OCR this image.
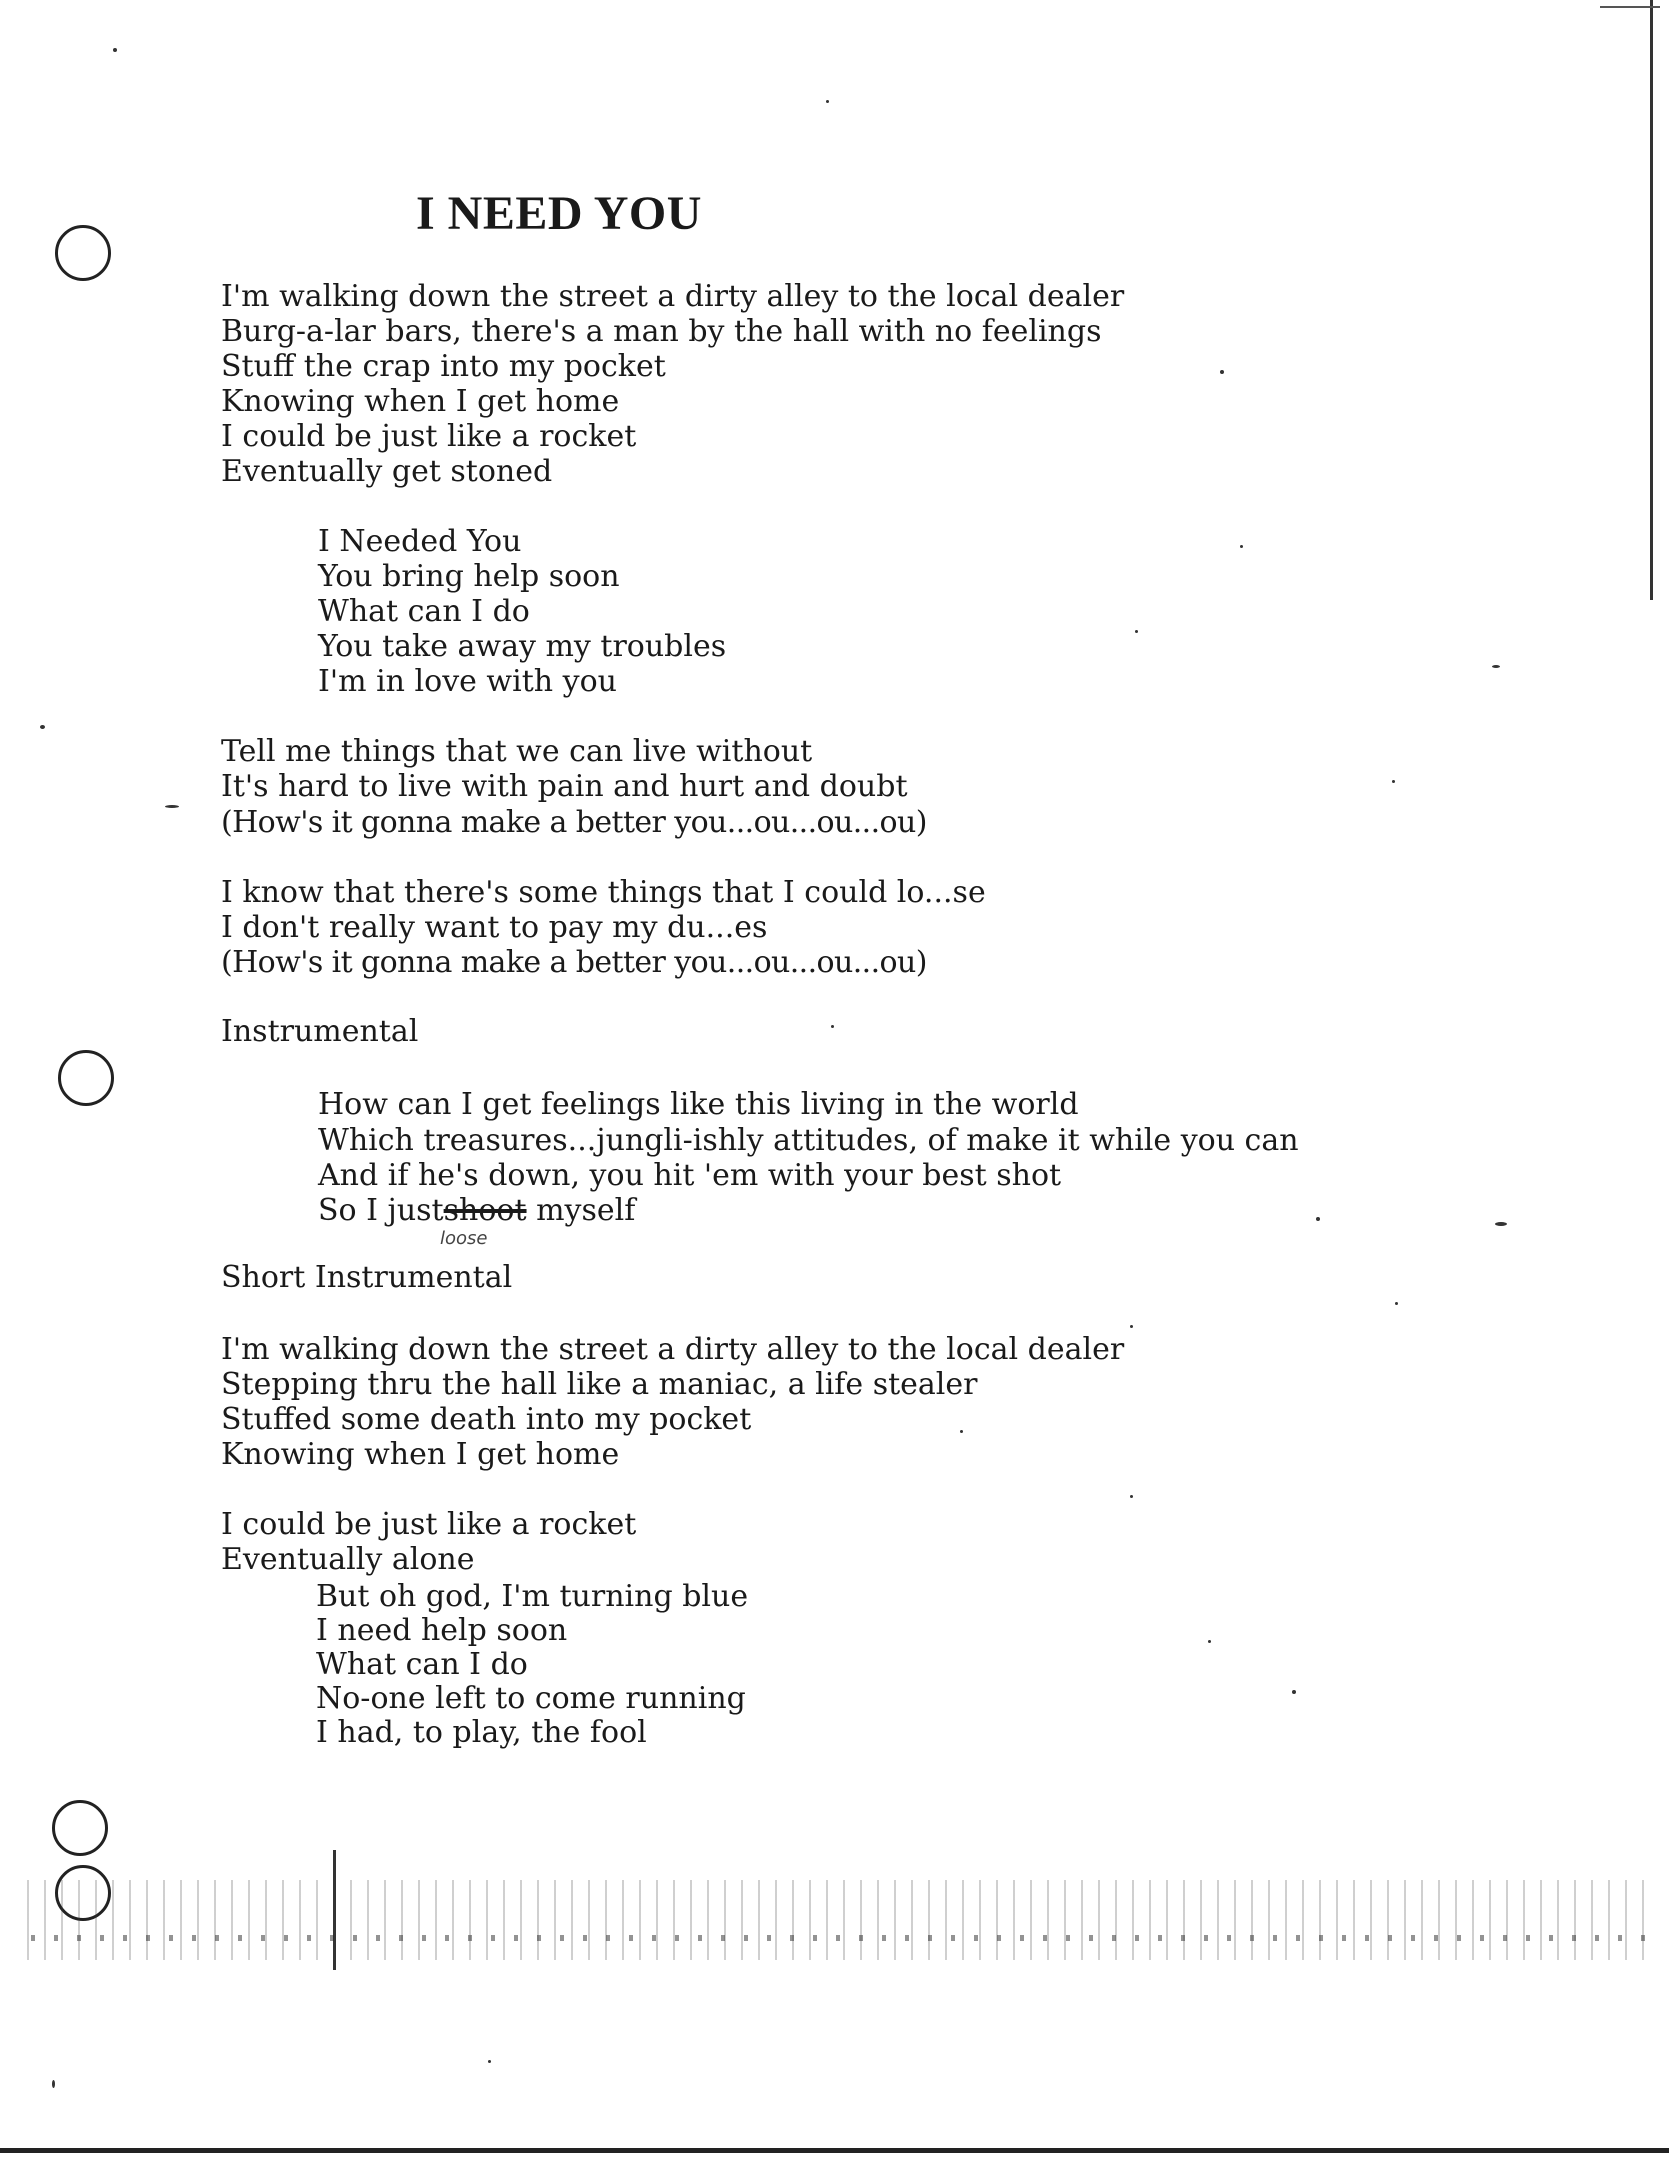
I NEED YOU
I'm walking down the street a dirty alley to the local dealer
Burg-a-lar bars, there's a man by the hall with no feelings
Stuff the crap into my pocket
Knowing when I get home
I could be just like a rocket
Eventually get stoned
I Needed You
You bring help soon
What can I do
You take away my troubles
I'm in love with you
Tell me things that we can live without
It's hard to live with pain and hurt and doubt
(How's it gonna make a better you...ou...ou...ou)
I know that there's some things that I could lo...se
I don't really want to pay my du...es
(How's it gonna make a better you...ou...ou...ou)
Instrumental
How can I get feelings like this living in the world
Which treasures...jungli-ishly attitudes, of make it while you can
And if he's down, you hit 'em with your best shot
So I justshoot myself
loose
Short Instrumental
I'm walking down the street a dirty alley to the local dealer
Stepping thru the hall like a maniac, a life stealer
Stuffed some death into my pocket
Knowing when I get home
I could be just like a rocket
Eventually alone
But oh god, I'm turning blue
I need help soon
What can I do
No-one left to come running
I had, to play, the fool
